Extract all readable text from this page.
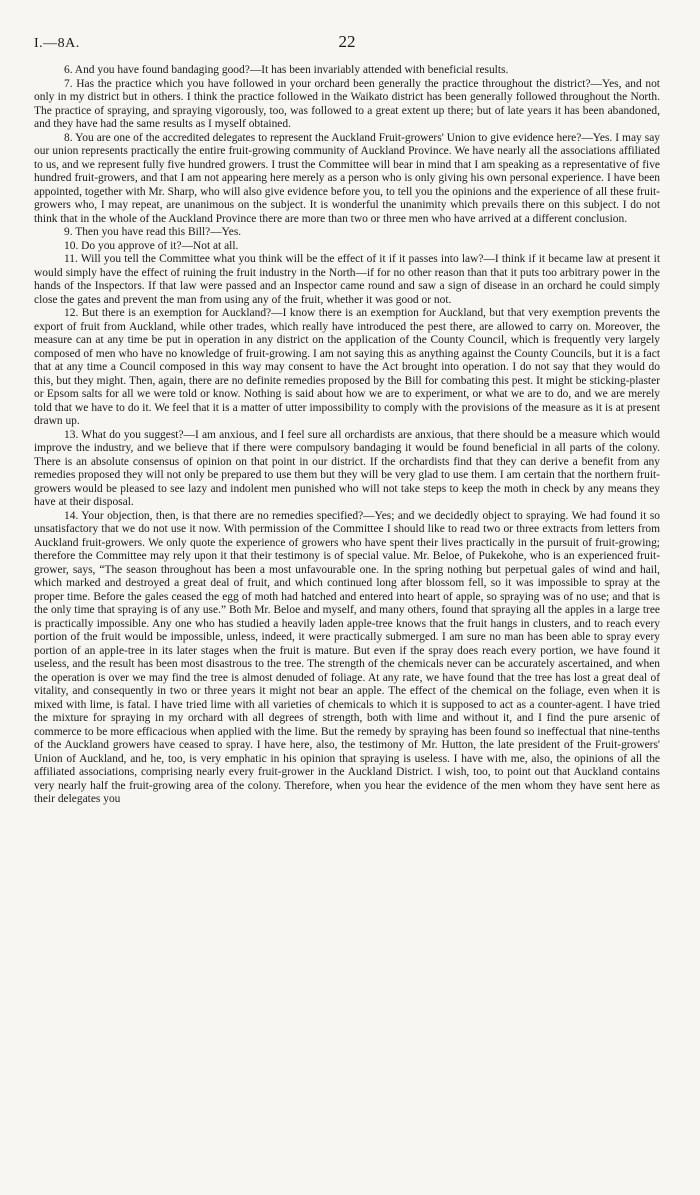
I.—8A.	22

6. And you have found bandaging good?—It has been invariably attended with beneficial results.

7. Has the practice which you have followed in your orchard been generally the practice throughout the district?—Yes, and not only in my district but in others. I think the practice followed in the Waikato district has been generally followed throughout the North. The practice of spraying, and spraying vigorously, too, was followed to a great extent up there; but of late years it has been abandoned, and they have had the same results as I myself obtained.

8. You are one of the accredited delegates to represent the Auckland Fruit-growers' Union to give evidence here?—Yes. I may say our union represents practically the entire fruit-growing community of Auckland Province. We have nearly all the associations affiliated to us, and we represent fully five hundred growers. I trust the Committee will bear in mind that I am speaking as a representative of five hundred fruit-growers, and that I am not appearing here merely as a person who is only giving his own personal experience. I have been appointed, together with Mr. Sharp, who will also give evidence before you, to tell you the opinions and the experience of all these fruit-growers who, I may repeat, are unanimous on the subject. It is wonderful the unanimity which prevails there on this subject. I do not think that in the whole of the Auckland Province there are more than two or three men who have arrived at a different conclusion.

9. Then you have read this Bill?—Yes.

10. Do you approve of it?—Not at all.

11. Will you tell the Committee what you think will be the effect of it if it passes into law?—I think if it became law at present it would simply have the effect of ruining the fruit industry in the North—if for no other reason than that it puts too arbitrary power in the hands of the Inspectors. If that law were passed and an Inspector came round and saw a sign of disease in an orchard he could simply close the gates and prevent the man from using any of the fruit, whether it was good or not.

12. But there is an exemption for Auckland?—I know there is an exemption for Auckland, but that very exemption prevents the export of fruit from Auckland, while other trades, which really have introduced the pest there, are allowed to carry on. Moreover, the measure can at any time be put in operation in any district on the application of the County Council, which is frequently very largely composed of men who have no knowledge of fruit-growing. I am not saying this as anything against the County Councils, but it is a fact that at any time a Council composed in this way may consent to have the Act brought into operation. I do not say that they would do this, but they might. Then, again, there are no definite remedies proposed by the Bill for combating this pest. It might be sticking-plaster or Epsom salts for all we were told or know. Nothing is said about how we are to experiment, or what we are to do, and we are merely told that we have to do it. We feel that it is a matter of utter impossibility to comply with the provisions of the measure as it is at present drawn up.

13. What do you suggest?—I am anxious, and I feel sure all orchardists are anxious, that there should be a measure which would improve the industry, and we believe that if there were compulsory bandaging it would be found beneficial in all parts of the colony. There is an absolute consensus of opinion on that point in our district. If the orchardists find that they can derive a benefit from any remedies proposed they will not only be prepared to use them but they will be very glad to use them. I am certain that the northern fruit-growers would be pleased to see lazy and indolent men punished who will not take steps to keep the moth in check by any means they have at their disposal.

14. Your objection, then, is that there are no remedies specified?—Yes; and we decidedly object to spraying. We had found it so unsatisfactory that we do not use it now. With permission of the Committee I should like to read two or three extracts from letters from Auckland fruit-growers. We only quote the experience of growers who have spent their lives practically in the pursuit of fruit-growing; therefore the Committee may rely upon it that their testimony is of special value. Mr. Beloe, of Pukekohe, who is an experienced fruit-grower, says, “The season throughout has been a most unfavourable one. In the spring nothing but perpetual gales of wind and hail, which marked and destroyed a great deal of fruit, and which continued long after blossom fell, so it was impossible to spray at the proper time. Before the gales ceased the egg of moth had hatched and entered into heart of apple, so spraying was of no use; and that is the only time that spraying is of any use.” Both Mr. Beloe and myself, and many others, found that spraying all the apples in a large tree is practically impossible. Any one who has studied a heavily laden apple-tree knows that the fruit hangs in clusters, and to reach every portion of the fruit would be impossible, unless, indeed, it were practically submerged. I am sure no man has been able to spray every portion of an apple-tree in its later stages when the fruit is mature. But even if the spray does reach every portion, we have found it useless, and the result has been most disastrous to the tree. The strength of the chemicals never can be accurately ascertained, and when the operation is over we may find the tree is almost denuded of foliage. At any rate, we have found that the tree has lost a great deal of vitality, and consequently in two or three years it might not bear an apple. The effect of the chemical on the foliage, even when it is mixed with lime, is fatal. I have tried lime with all varieties of chemicals to which it is supposed to act as a counter-agent. I have tried the mixture for spraying in my orchard with all degrees of strength, both with lime and without it, and I find the pure arsenic of commerce to be more efficacious when applied with the lime. But the remedy by spraying has been found so ineffectual that nine-tenths of the Auckland growers have ceased to spray. I have here, also, the testimony of Mr. Hutton, the late president of the Fruit-growers' Union of Auckland, and he, too, is very emphatic in his opinion that spraying is useless. I have with me, also, the opinions of all the affiliated associations, comprising nearly every fruit-grower in the Auckland District. I wish, too, to point out that Auckland contains very nearly half the fruit-growing area of the colony. Therefore, when you hear the evidence of the men whom they have sent here as their delegates you
